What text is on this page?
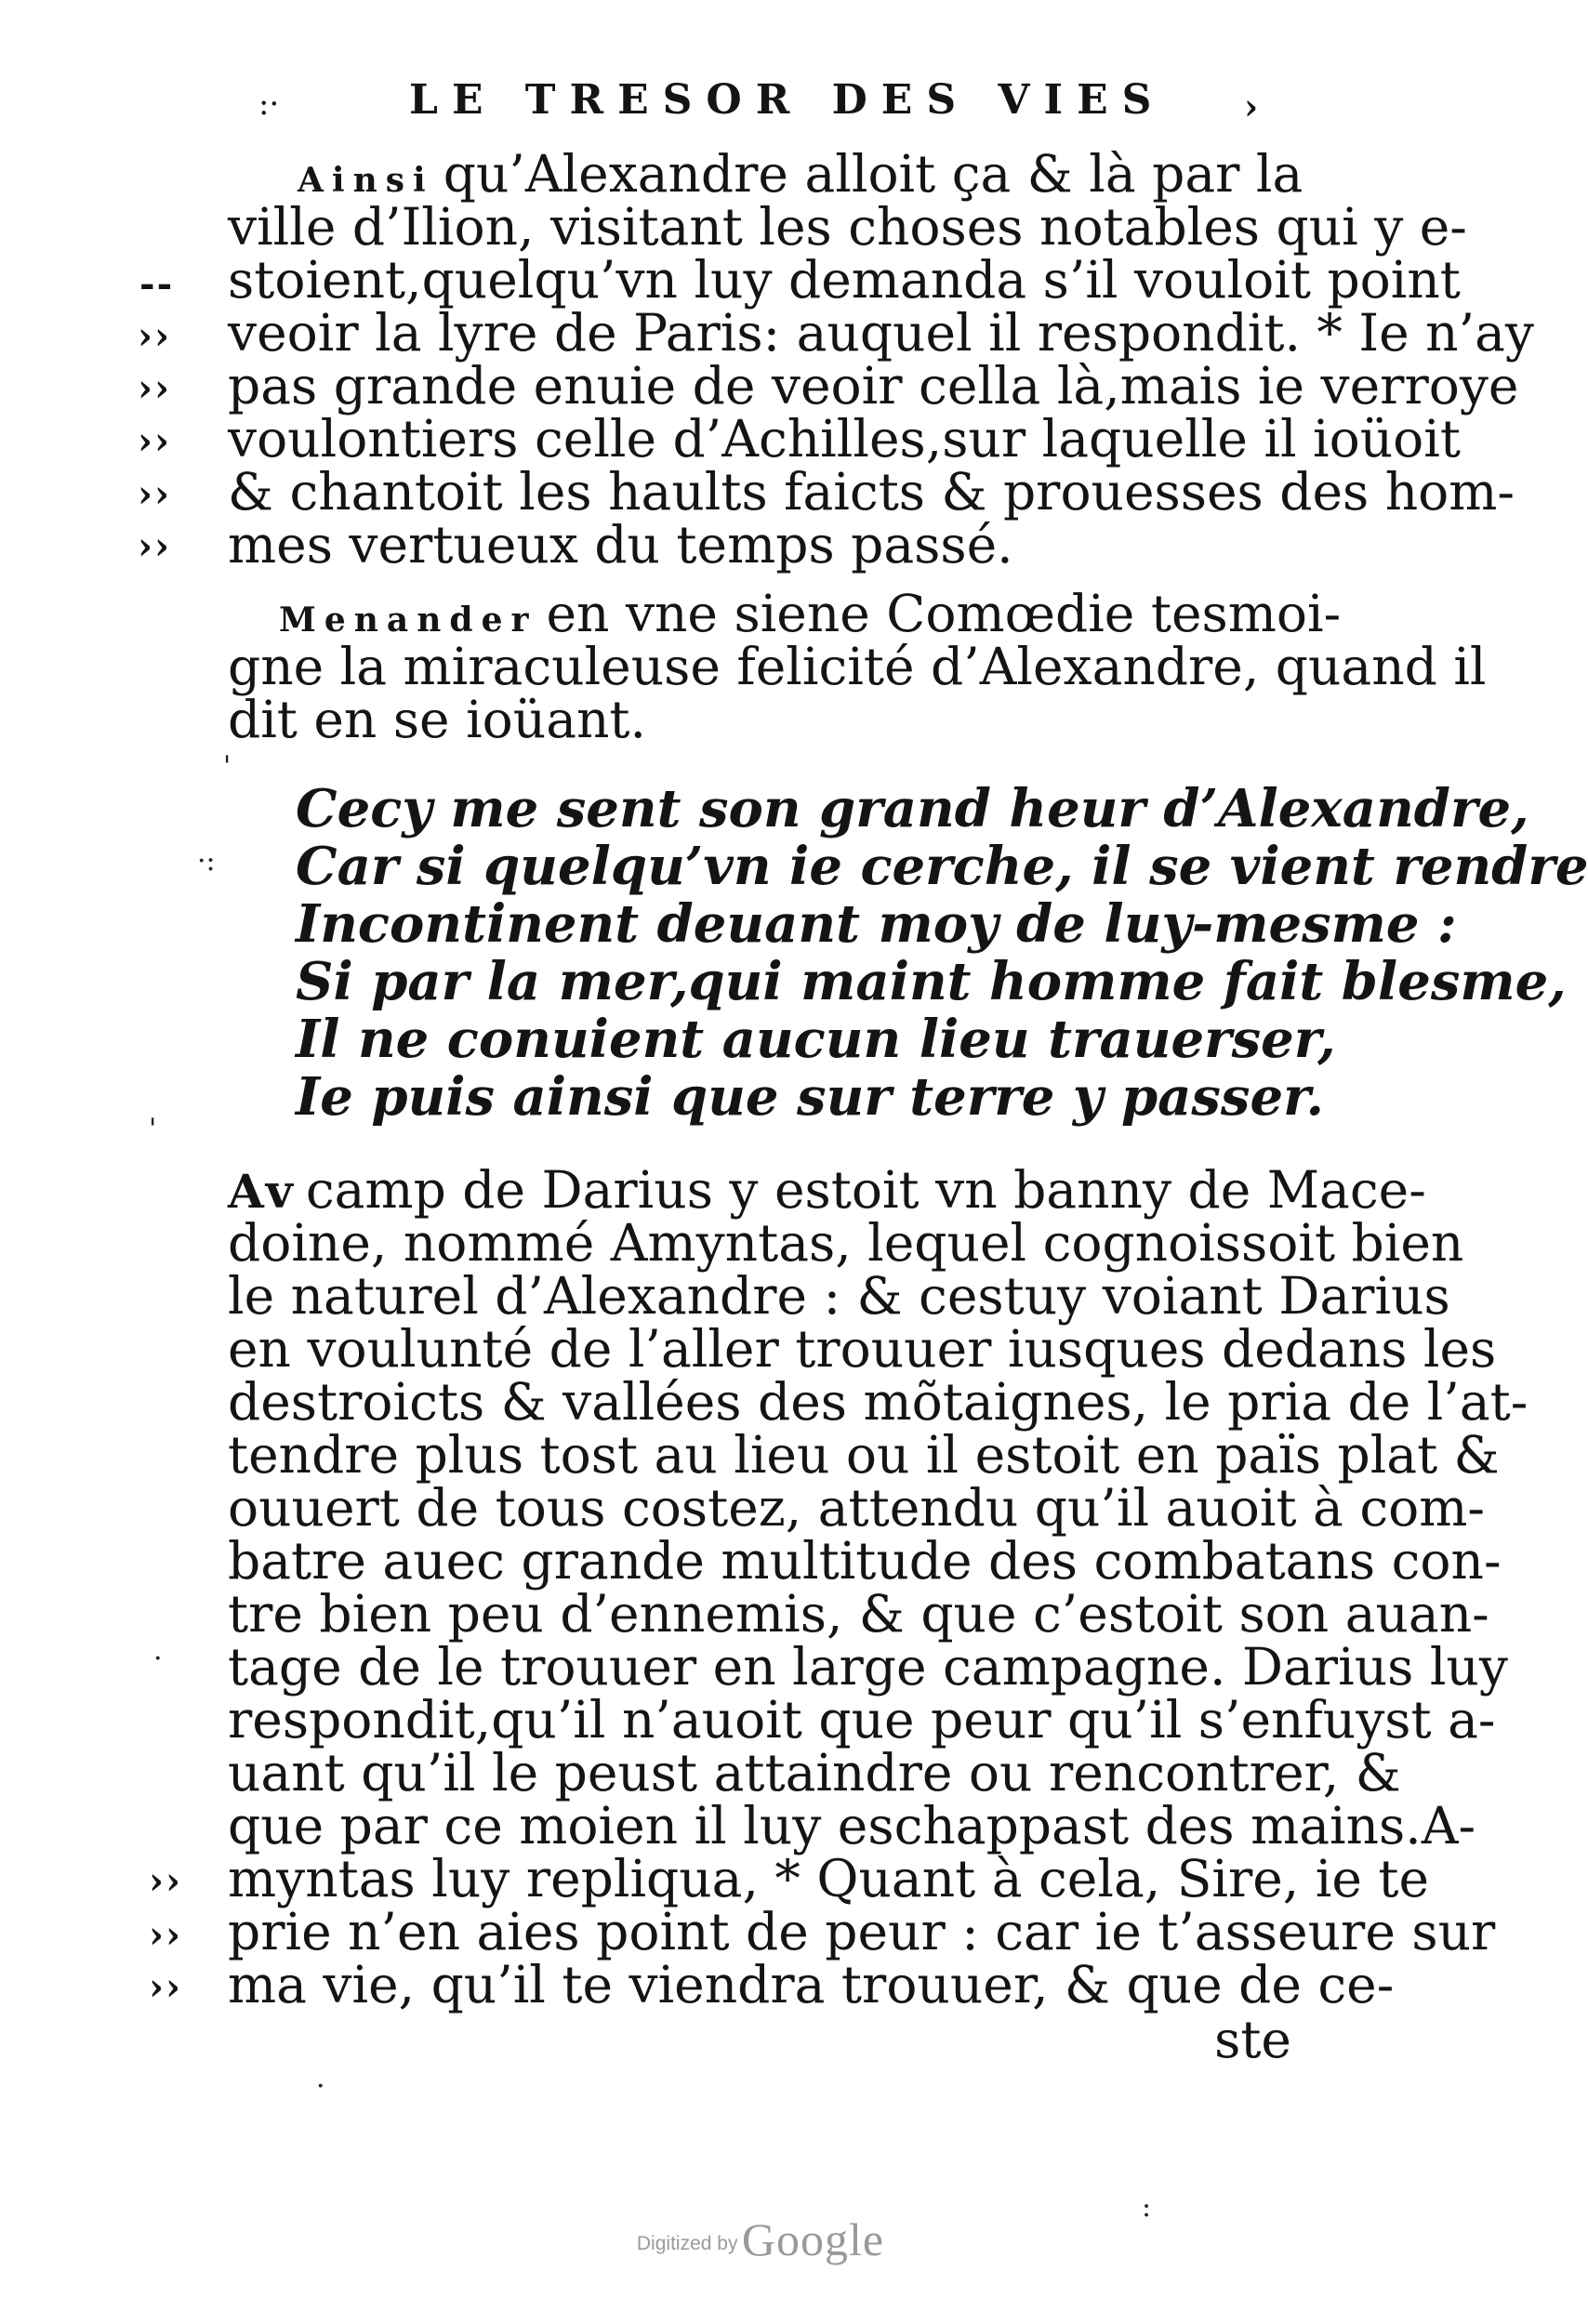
:·	LE TRESOR DES VIES ›
Ainsi qu’Alexandre alloit ça & là par la
ville d’Ilion, visitant les choses notables qui y e-
stoient,quelqu’vn luy demanda s’il vouloit point
veoir la lyre de Paris: auquel il respondit. * Ie n’ay
pas grande enuie de veoir cella là,mais ie verroye
voulontiers celle d’Achilles,sur laquelle il ioüoit
& chantoit les haults faicts & prouesses des hom-
mes vertueux du temps passé.
Menander en vne siene Comœdie tesmoi-
gne la miraculeuse felicité d’Alexandre, quand il
dit en se ioüant.
Cecy me sent son grand heur d’Alexandre,
Car si quelqu’vn ie cerche, il se vient rendre
Incontinent deuant moy de luy-mesme :
Si par la mer,qui maint homme fait blesme,
Il ne conuient aucun lieu trauerser,
Ie puis ainsi que sur terre y passer.
Av camp de Darius y estoit vn banny de Mace-
doine, nommé Amyntas, lequel cognoissoit bien
le naturel d’Alexandre : & cestuy voiant Darius
en voulunté de l’aller trouuer iusques dedans les
destroicts & vallées des mõtaignes, le pria de l’at-
tendre plus tost au lieu ou il estoit en païs plat &
ouuert de tous costez, attendu qu’il auoit à com-
batre auec grande multitude des combatans con-
tre bien peu d’ennemis, & que c’estoit son auan-
tage de le trouuer en large campagne. Darius luy
respondit,qu’il n’auoit que peur qu’il s’enfuyst a-
uant qu’il le peust attaindre ou rencontrer, &
que par ce moien il luy eschappast des mains.A-
myntas luy repliqua, * Quant à cela, Sire, ie te
prie n’en aies point de peur : car ie t’asseure sur
ma vie, qu’il te viendra trouuer, & que de ce-
ste
--
››
››
››
››
››
››
››
››
·:
'
'
·
·
:
Digitized by Google
